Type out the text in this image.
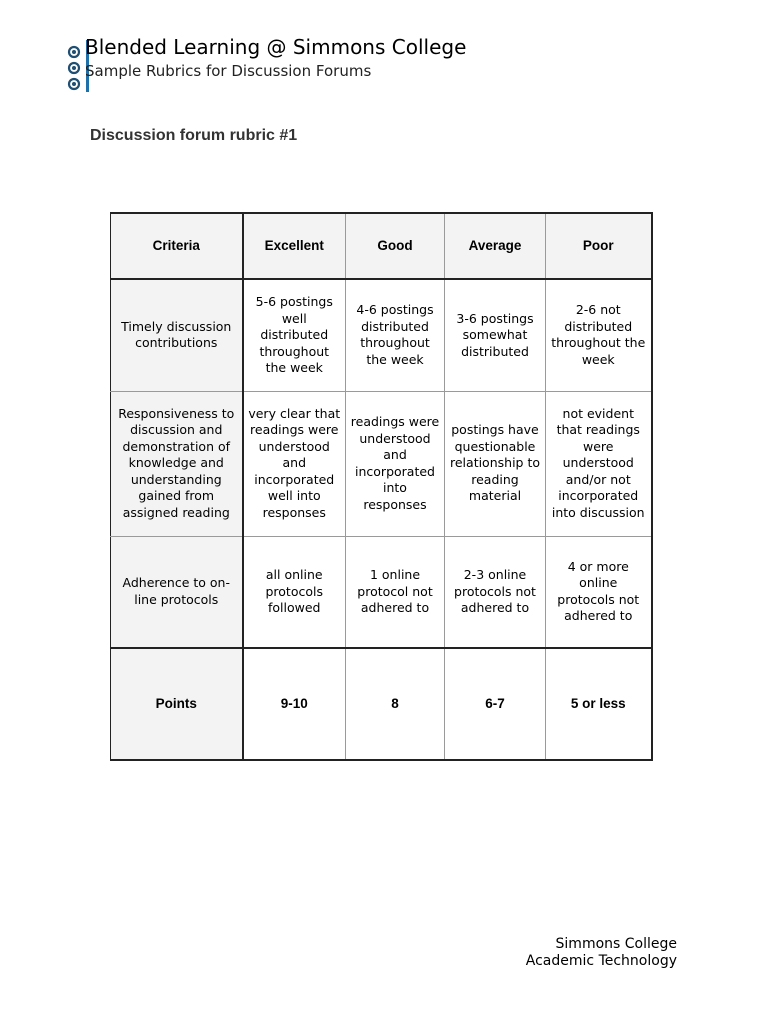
Blended Learning @ Simmons College
Sample Rubrics for Discussion Forums
Discussion forum rubric #1
Criteria	Excellent	Good	Average	Poor
Timely discussion contributions	5-6 postings well distributed throughout the week	4-6 postings distributed throughout the week	3-6 postings somewhat distributed	2-6 not distributed throughout the week
Responsiveness to discussion and demonstration of knowledge and understanding gained from assigned reading	very clear that readings were understood and incorporated well into responses	readings were understood and incorporated into responses	postings have questionable relationship to reading material	not evident that readings were understood and/or not incorporated into discussion
Adherence to on-line protocols	all online protocols followed	1 online protocol not adhered to	2-3 online protocols not adhered to	4 or more online protocols not adhered to
Points	9-10	8	6-7	5 or less
Simmons College
Academic Technology
